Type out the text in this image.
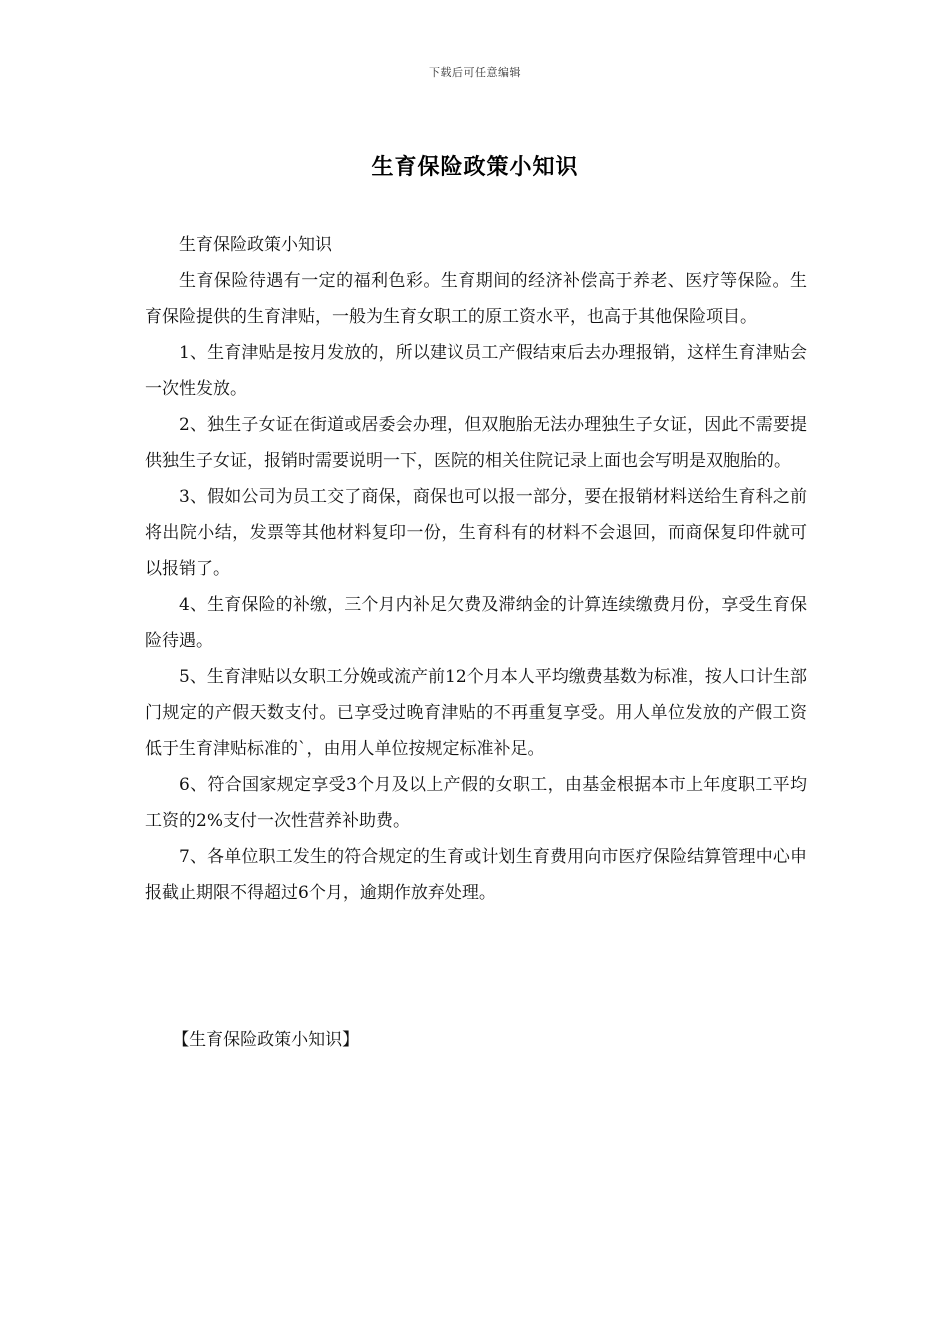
下载后可任意编辑
生育保险政策小知识

生育保险政策小知识

生育保险待遇有一定的福利色彩。生育期间的经济补偿高于养老、医疗等保险。生育保险提供的生育津贴，一般为生育女职工的原工资水平，也高于其他保险项目。

1、生育津贴是按月发放的，所以建议员工产假结束后去办理报销，这样生育津贴会一次性发放。

2、独生子女证在街道或居委会办理，但双胞胎无法办理独生子女证，因此不需要提供独生子女证，报销时需要说明一下，医院的相关住院记录上面也会写明是双胞胎的。

3、假如公司为员工交了商保，商保也可以报一部分，要在报销材料送给生育科之前将出院小结，发票等其他材料复印一份，生育科有的材料不会退回，而商保复印件就可以报销了。

4、生育保险的补缴，三个月内补足欠费及滞纳金的计算连续缴费月份，享受生育保险待遇。

5、生育津贴以女职工分娩或流产前12个月本人平均缴费基数为标准，按人口计生部门规定的产假天数支付。已享受过晚育津贴的不再重复享受。用人单位发放的产假工资低于生育津贴标准的`，由用人单位按规定标准补足。

6、符合国家规定享受3个月及以上产假的女职工，由基金根据本市上年度职工平均工资的2%支付一次性营养补助费。

7、各单位职工发生的符合规定的生育或计划生育费用向市医疗保险结算管理中心申报截止期限不得超过6个月，逾期作放弃处理。

【生育保险政策小知识】
